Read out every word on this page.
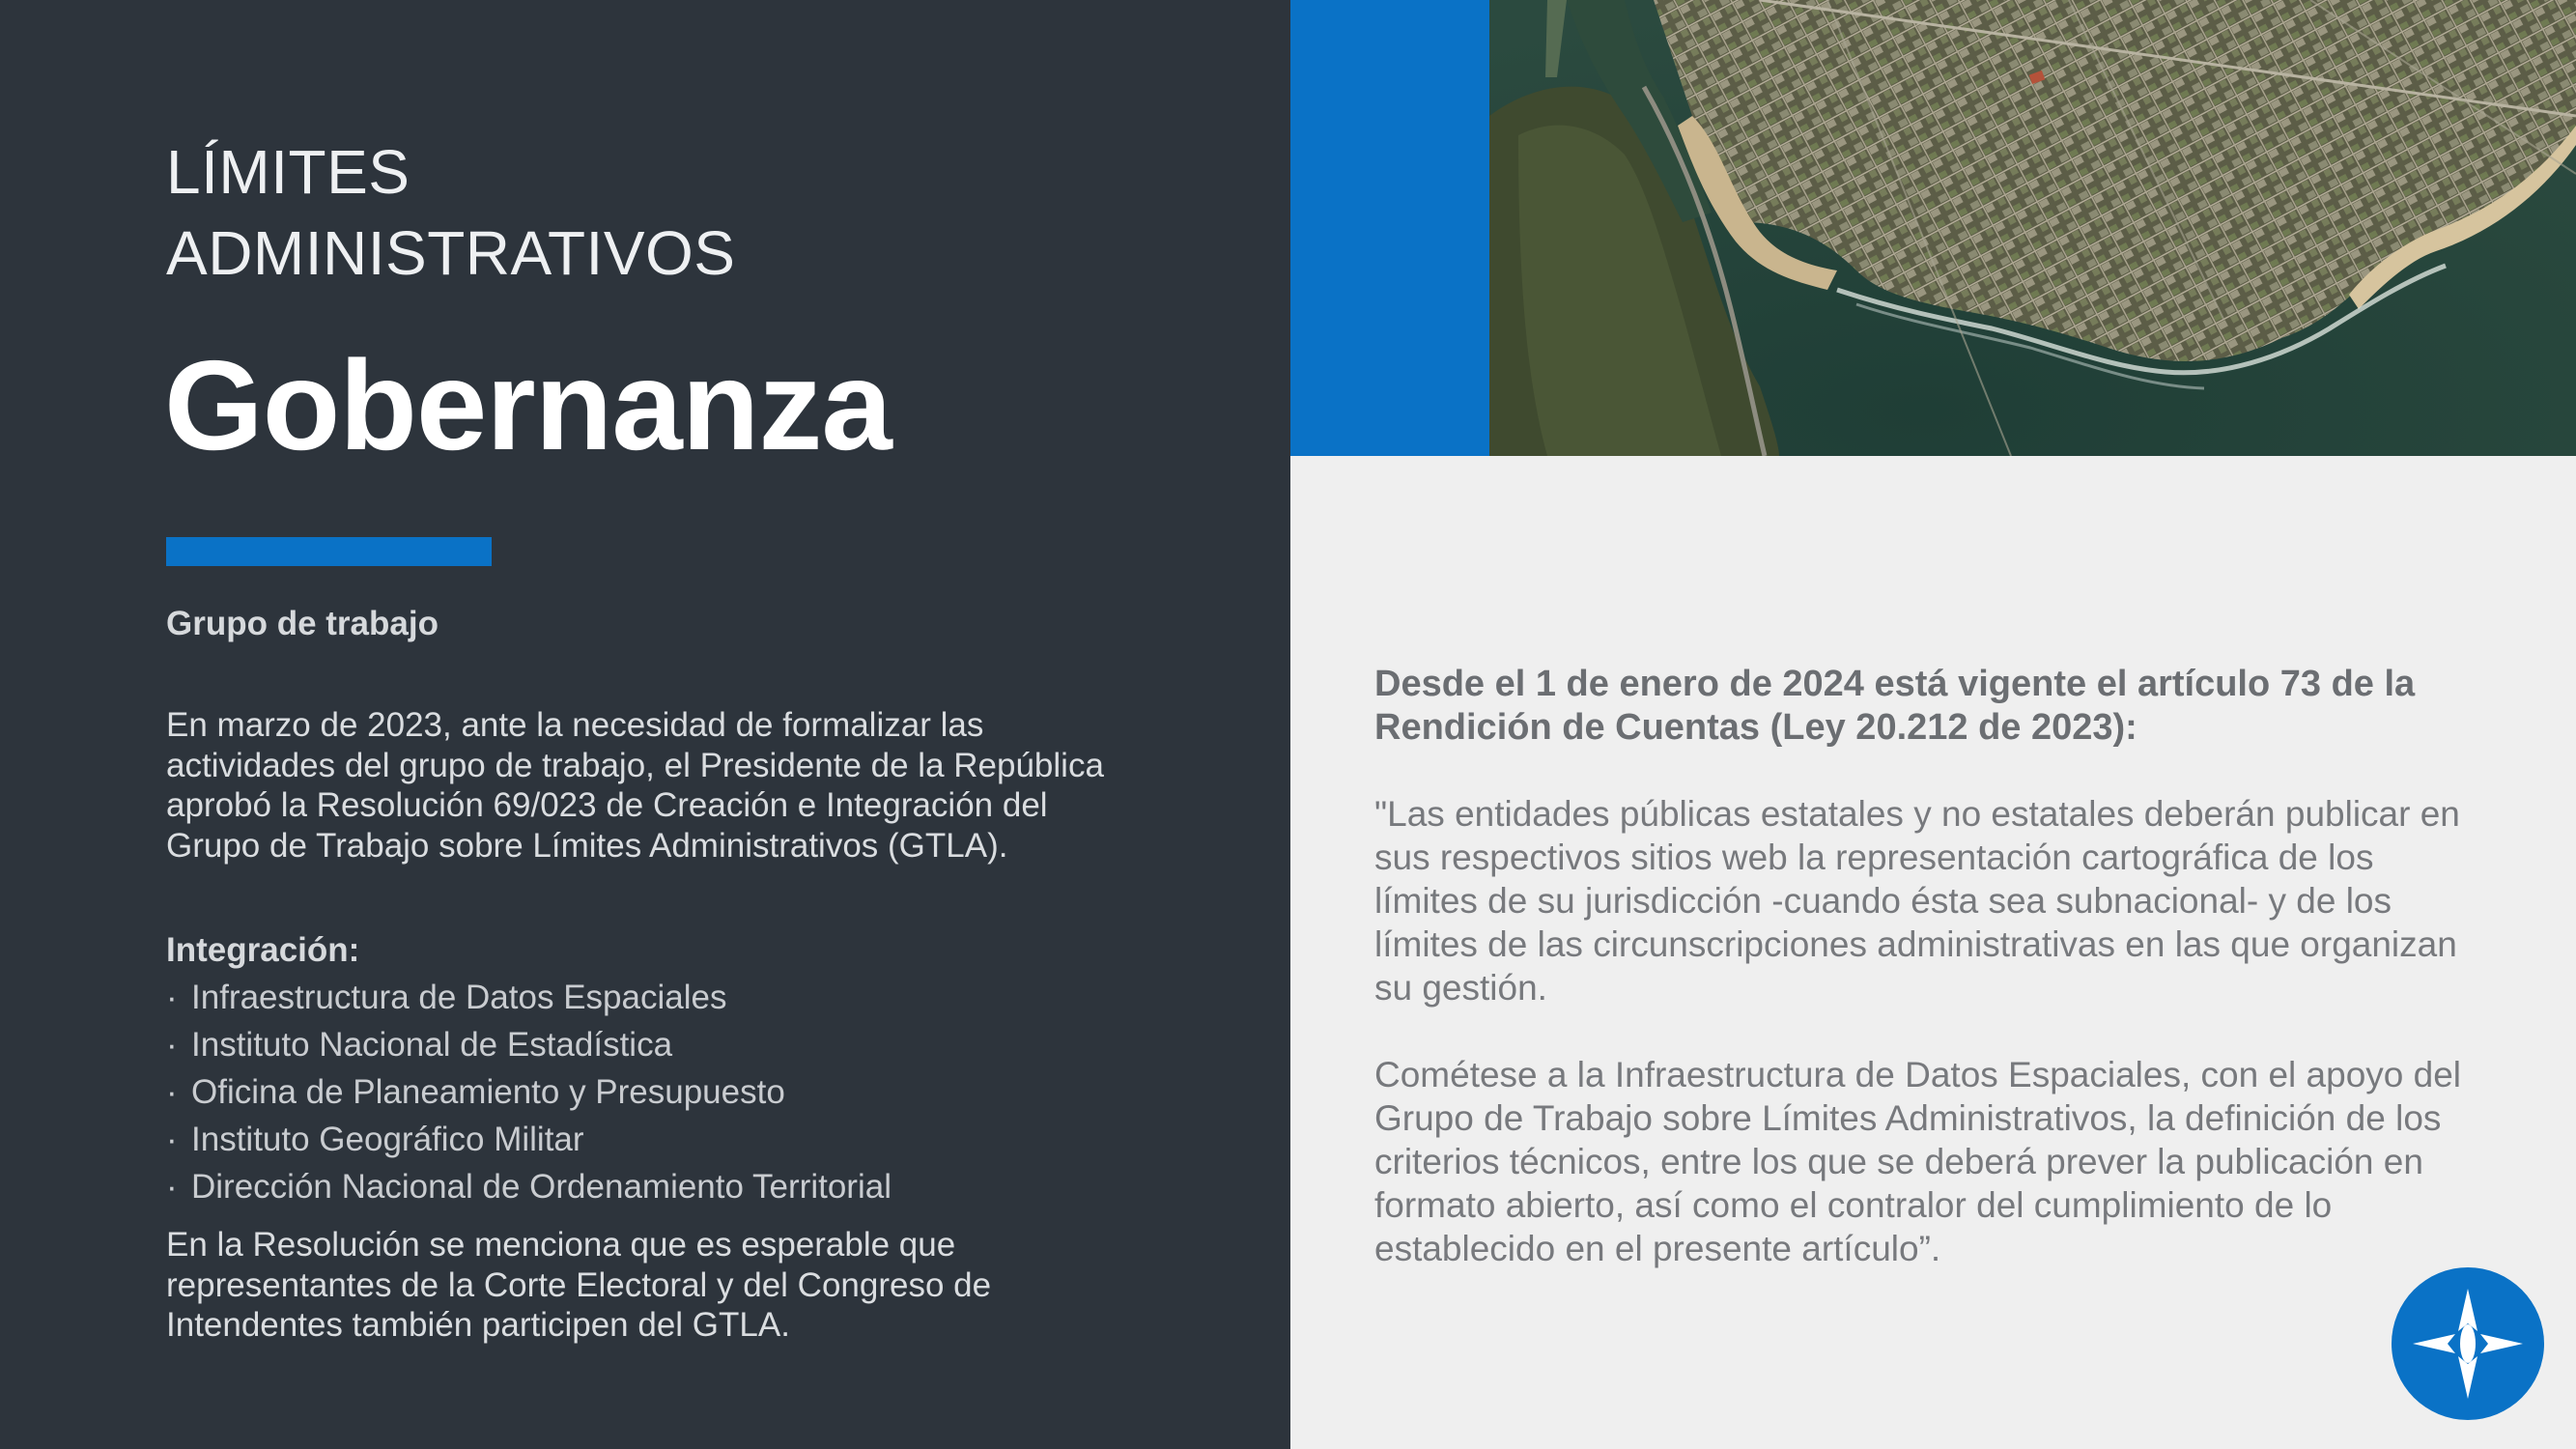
LÍMITES
ADMINISTRATIVOS
Gobernanza
Grupo de trabajo

En marzo de 2023, ante la necesidad de formalizar las actividades del grupo de trabajo, el Presidente de la República aprobó la Resolución 69/023 de Creación e Integración del Grupo de Trabajo sobre Límites Administrativos (GTLA).

Integración:
· Infraestructura de Datos Espaciales
· Instituto Nacional de Estadística
· Oficina de Planeamiento y Presupuesto
· Instituto Geográfico Militar
· Dirección Nacional de Ordenamiento Territorial

En la Resolución se menciona que es esperable que representantes de la Corte Electoral y del Congreso de Intendentes también participen del GTLA.

Desde el 1 de enero de 2024 está vigente el artículo 73 de la Rendición de Cuentas (Ley 20.212 de 2023):

"Las entidades públicas estatales y no estatales deberán publicar en sus respectivos sitios web la representación cartográfica de los límites de su jurisdicción -cuando ésta sea subnacional- y de los límites de las circunscripciones administrativas en las que organizan su gestión.

Cométese a la Infraestructura de Datos Espaciales, con el apoyo del Grupo de Trabajo sobre Límites Administrativos, la definición de los criterios técnicos, entre los que se deberá prever la publicación en formato abierto, así como el contralor del cumplimiento de lo establecido en el presente artículo”.
